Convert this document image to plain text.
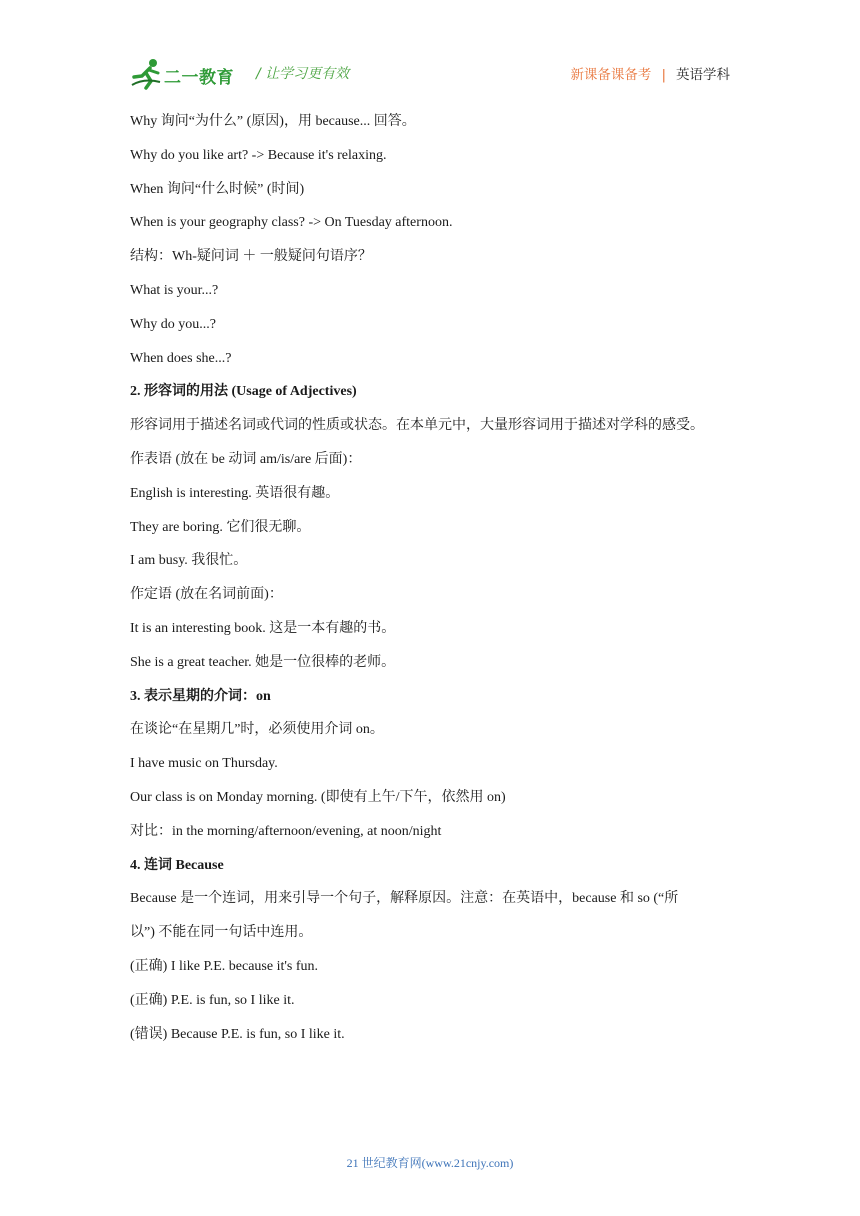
二一教育 / 让学习更有效	新课备课备考 | 英语学科
Why 询问“为什么” (原因)，用 because... 回答。
Why do you like art? -> Because it's relaxing.
When 询问“什么时候” (时间)
When is your geography class? -> On Tuesday afternoon.
结构：Wh-疑问词 ＋ 一般疑问句语序？
What is your...?
Why do you...?
When does she...?
2. 形容词的用法 (Usage of Adjectives)
形容词用于描述名词或代词的性质或状态。在本单元中，大量形容词用于描述对学科的感受。
作表语 (放在 be 动词 am/is/are 后面)：
English is interesting. 英语很有趣。
They are boring. 它们很无聊。
I am busy. 我很忙。
作定语 (放在名词前面)：
It is an interesting book. 这是一本有趣的书。
She is a great teacher. 她是一位很棒的老师。
3. 表示星期的介词：on
在谈论“在星期几”时，必须使用介词 on。
I have music on Thursday.
Our class is on Monday morning. (即使有上午/下午，依然用 on)
对比：in the morning/afternoon/evening, at noon/night
4. 连词 Because
Because 是一个连词，用来引导一个句子，解释原因。注意：在英语中，because 和 so (“所
以”) 不能在同一句话中连用。
(正确) I like P.E. because it's fun.
(正确) P.E. is fun, so I like it.
(错误) Because P.E. is fun, so I like it.
21 世纪教育网(www.21cnjy.com)
